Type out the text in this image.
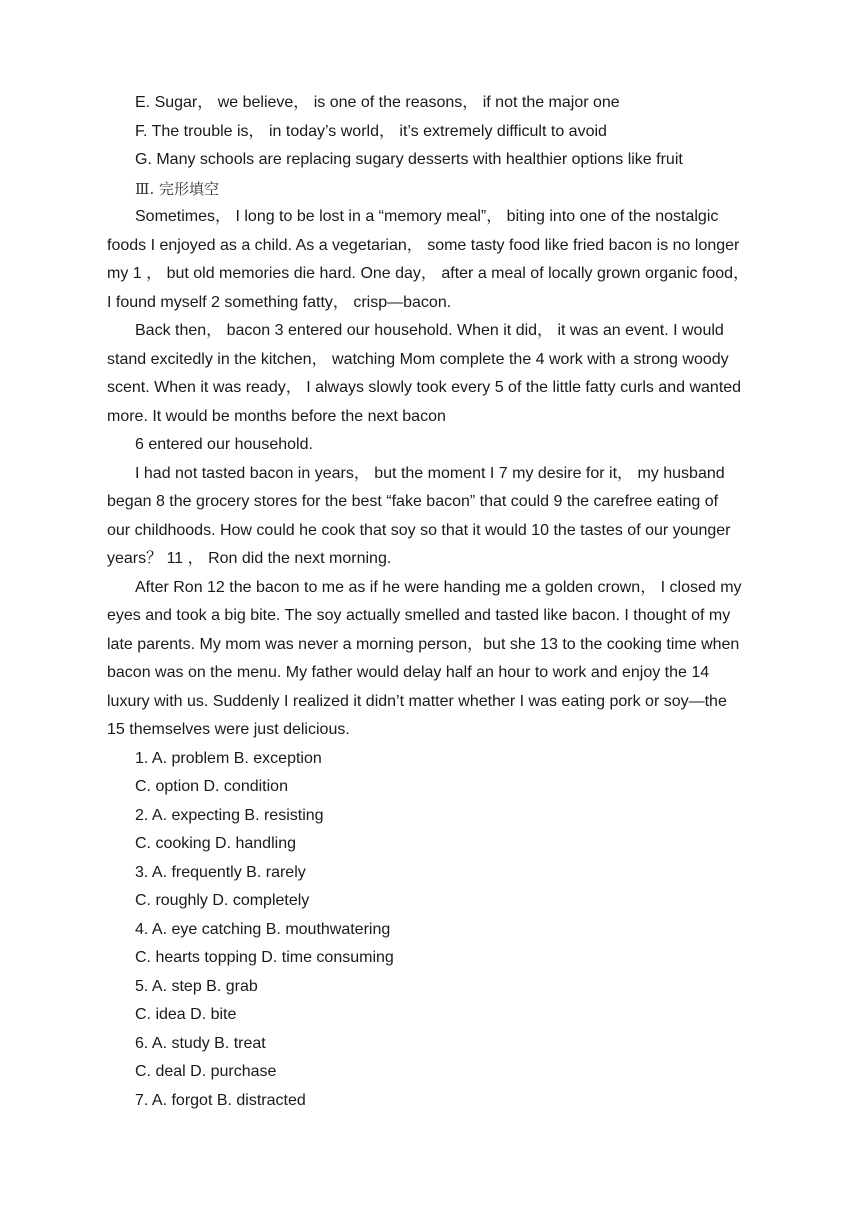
E. Sugar， we believe， is one of the reasons， if not the major one
F. The trouble is， in today’s world， it’s extremely difficult to avoid
G. Many schools are replacing sugary desserts with healthier options like fruit
Ⅲ. 完形填空
Sometimes， I long to be lost in a “memory meal”， biting into one of the nostalgic
foods I enjoyed as a child. As a vegetarian， some tasty food like fried bacon is no longer
my 1 ， but old memories die hard. One day， after a meal of locally grown organic food，
I found myself 2 something fatty， crisp—bacon.
Back then， bacon 3 entered our household. When it did， it was an event. I would
stand excitedly in the kitchen， watching Mom complete the 4 work with a strong woody
scent. When it was ready， I always slowly took every 5 of the little fatty curls and wanted
more. It would be months before the next bacon
6 entered our household.
I had not tasted bacon in years， but the moment I 7 my desire for it， my husband
began 8 the grocery stores for the best “fake bacon” that could 9 the carefree eating of
our childhoods. How could he cook that soy so that it would 10 the tastes of our younger
years？ 11 ， Ron did the next morning.
After Ron 12 the bacon to me as if he were handing me a golden crown， I closed my
eyes and took a big bite. The soy actually smelled and tasted like bacon. I thought of my
late parents. My mom was never a morning person，but she 13 to the cooking time when
bacon was on the menu. My father would delay half an hour to work and enjoy the 14
luxury with us. Suddenly I realized it didn’t matter whether I was eating pork or soy—the
15 themselves were just delicious.
1. A. problem B. exception
C. option D. condition
2. A. expecting B. resisting
C. cooking D. handling
3. A. frequently B. rarely
C. roughly D. completely
4. A. eye catching B. mouthwatering
C. hearts topping D. time consuming
5. A. step B. grab
C. idea D. bite
6. A. study B. treat
C. deal D. purchase
7. A. forgot B. distracted
